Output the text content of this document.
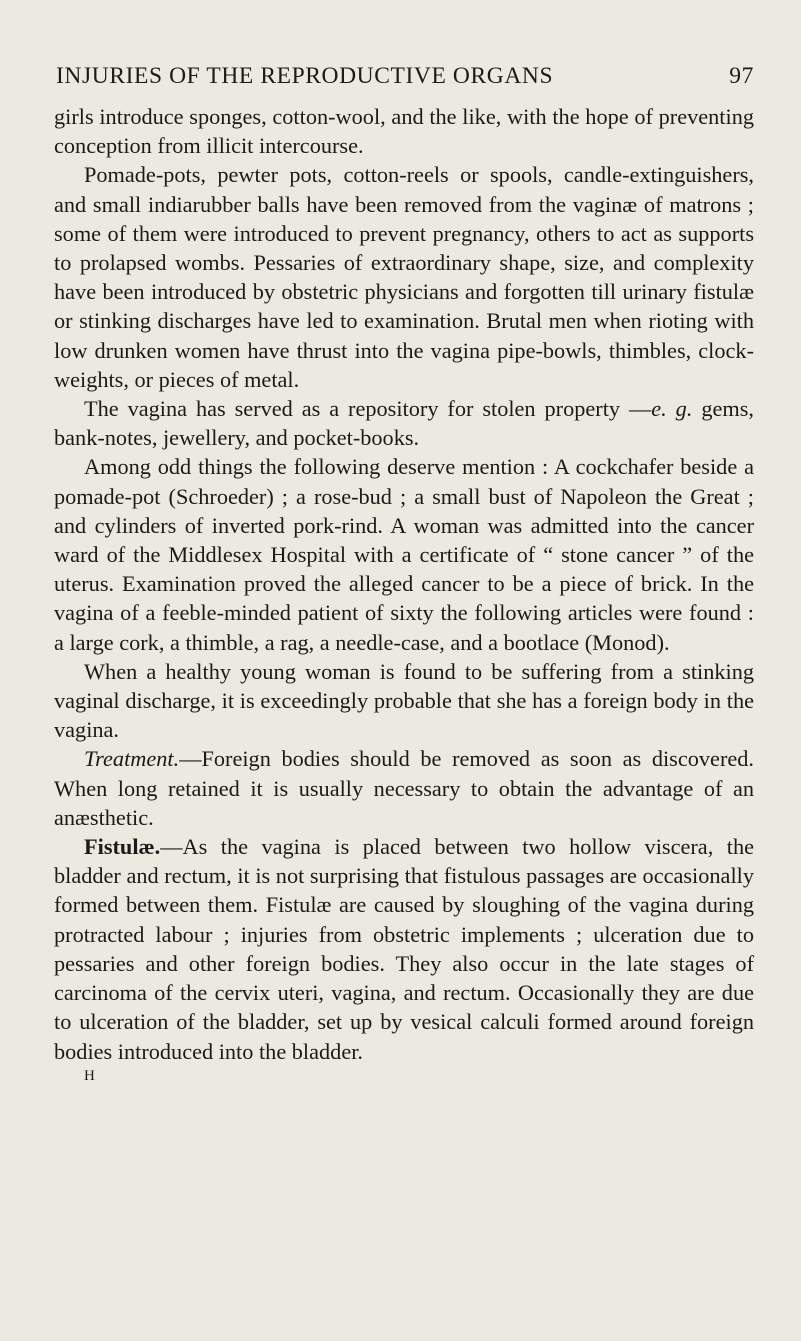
INJURIES OF THE REPRODUCTIVE ORGANS	97

girls introduce sponges, cotton-wool, and the like, with the hope of preventing conception from illicit intercourse.

Pomade-pots, pewter pots, cotton-reels or spools, candle-extinguishers, and small indiarubber balls have been removed from the vaginæ of matrons ; some of them were introduced to prevent pregnancy, others to act as supports to prolapsed wombs. Pessaries of extraordinary shape, size, and complexity have been introduced by obstetric physicians and forgotten till urinary fistulæ or stinking discharges have led to examination. Brutal men when rioting with low drunken women have thrust into the vagina pipe-bowls, thimbles, clock-weights, or pieces of metal.

The vagina has served as a repository for stolen property —e. g. gems, bank-notes, jewellery, and pocket-books.

Among odd things the following deserve mention : A cockchafer beside a pomade-pot (Schroeder) ; a rose-bud ; a small bust of Napoleon the Great ; and cylinders of inverted pork-rind. A woman was admitted into the cancer ward of the Middlesex Hospital with a certificate of “ stone cancer ” of the uterus. Examination proved the alleged cancer to be a piece of brick. In the vagina of a feeble-minded patient of sixty the following articles were found : a large cork, a thimble, a rag, a needle-case, and a bootlace (Monod).

When a healthy young woman is found to be suffering from a stinking vaginal discharge, it is exceedingly probable that she has a foreign body in the vagina.

Treatment.—Foreign bodies should be removed as soon as discovered. When long retained it is usually necessary to obtain the advantage of an anæsthetic.

Fistulæ.—As the vagina is placed between two hollow viscera, the bladder and rectum, it is not surprising that fistulous passages are occasionally formed between them. Fistulæ are caused by sloughing of the vagina during protracted labour ; injuries from obstetric implements ; ulceration due to pessaries and other foreign bodies. They also occur in the late stages of carcinoma of the cervix uteri, vagina, and rectum. Occasionally they are due to ulceration of the bladder, set up by vesical calculi formed around foreign bodies introduced into the bladder.

H
